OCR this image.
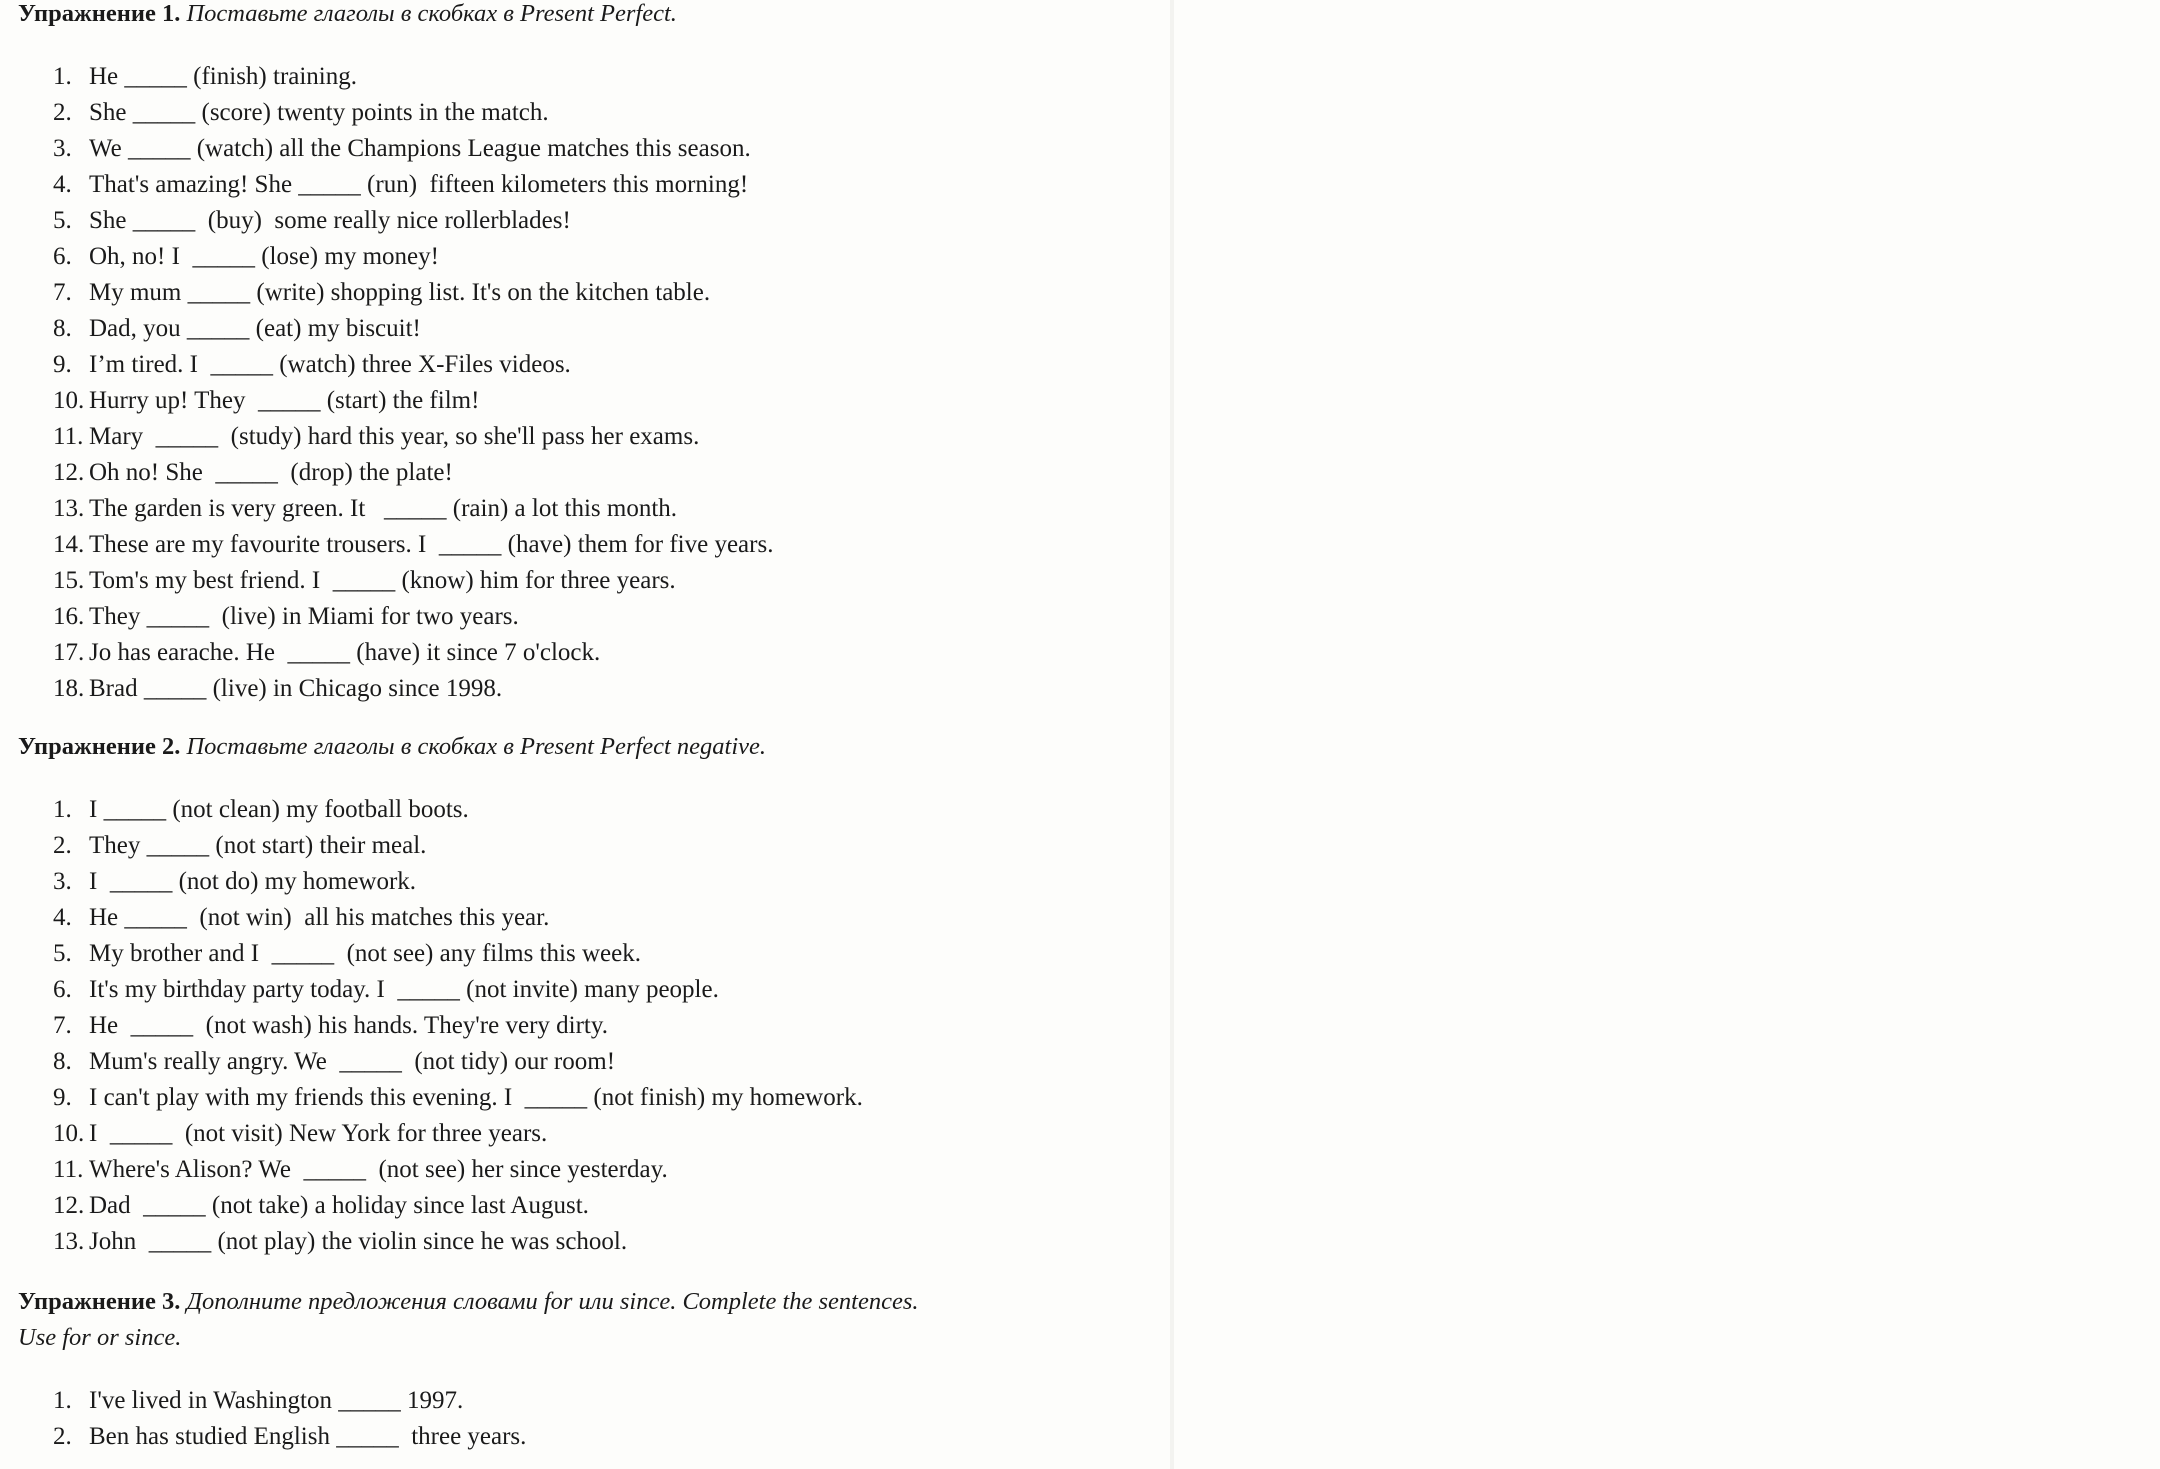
Упражнение 1. Поставьте глаголы в скобках в Present Perfect.
1. He _____ (finish) training.
2. She _____ (score) twenty points in the match.
3. We _____ (watch) all the Champions League matches this season.
4. That's amazing! She _____ (run)  fifteen kilometers this morning!
5. She _____  (buy)  some really nice rollerblades!
6. Oh, no! I  _____ (lose) my money!
7. My mum _____ (write) shopping list. It's on the kitchen table.
8. Dad, you _____ (eat) my biscuit!
9. I’m tired. I  _____ (watch) three X-Files videos.
10. Hurry up! They  _____ (start) the film!
11. Mary  _____  (study) hard this year, so she'll pass her exams.
12. Oh no! She  _____  (drop) the plate!
13. The garden is very green. It   _____ (rain) a lot this month.
14. These are my favourite trousers. I  _____ (have) them for five years.
15. Tom's my best friend. I  _____ (know) him for three years.
16. They _____  (live) in Miami for two years.
17. Jo has earache. He  _____ (have) it since 7 o'clock.
18. Brad _____ (live) in Chicago since 1998.
Упражнение 2. Поставьте глаголы в скобках в Present Perfect negative.
1. I _____ (not clean) my football boots.
2. They _____ (not start) their meal.
3. I  _____ (not do) my homework.
4. He _____  (not win)  all his matches this year.
5. My brother and I  _____  (not see) any films this week.
6. It's my birthday party today. I  _____ (not invite) many people.
7. He  _____  (not wash) his hands. They're very dirty.
8. Mum's really angry. We  _____  (not tidy) our room!
9. I can't play with my friends this evening. I  _____ (not finish) my homework.
10. I  _____  (not visit) New York for three years.
11. Where's Alison? We  _____  (not see) her since yesterday.
12. Dad  _____ (not take) a holiday since last August.
13. John  _____ (not play) the violin since he was school.
Упражнение 3. Дополните предложения словами for или since. Complete the sentences.
Use for or since.
1. I've lived in Washington _____ 1997.
2. Ben has studied English _____  three years.
